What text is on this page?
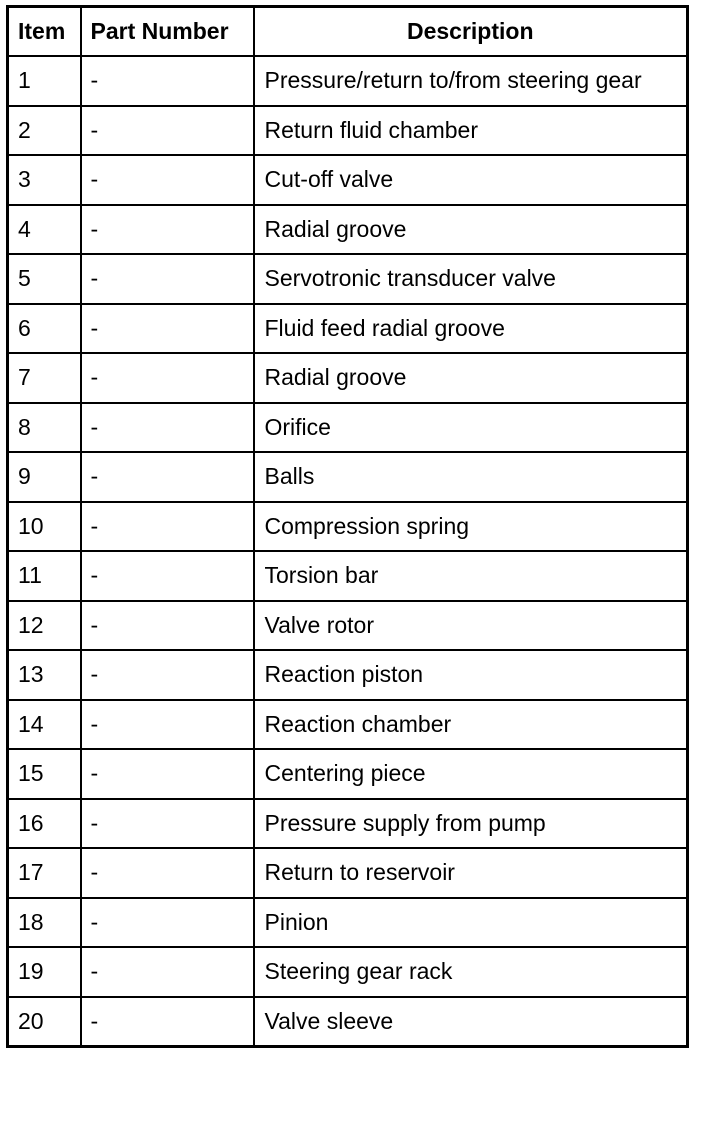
Item	Part Number	Description
1	-	Pressure/return to/from steering gear
2	-	Return fluid chamber
3	-	Cut-off valve
4	-	Radial groove
5	-	Servotronic transducer valve
6	-	Fluid feed radial groove
7	-	Radial groove
8	-	Orifice
9	-	Balls
10	-	Compression spring
11	-	Torsion bar
12	-	Valve rotor
13	-	Reaction piston
14	-	Reaction chamber
15	-	Centering piece
16	-	Pressure supply from pump
17	-	Return to reservoir
18	-	Pinion
19	-	Steering gear rack
20	-	Valve sleeve
